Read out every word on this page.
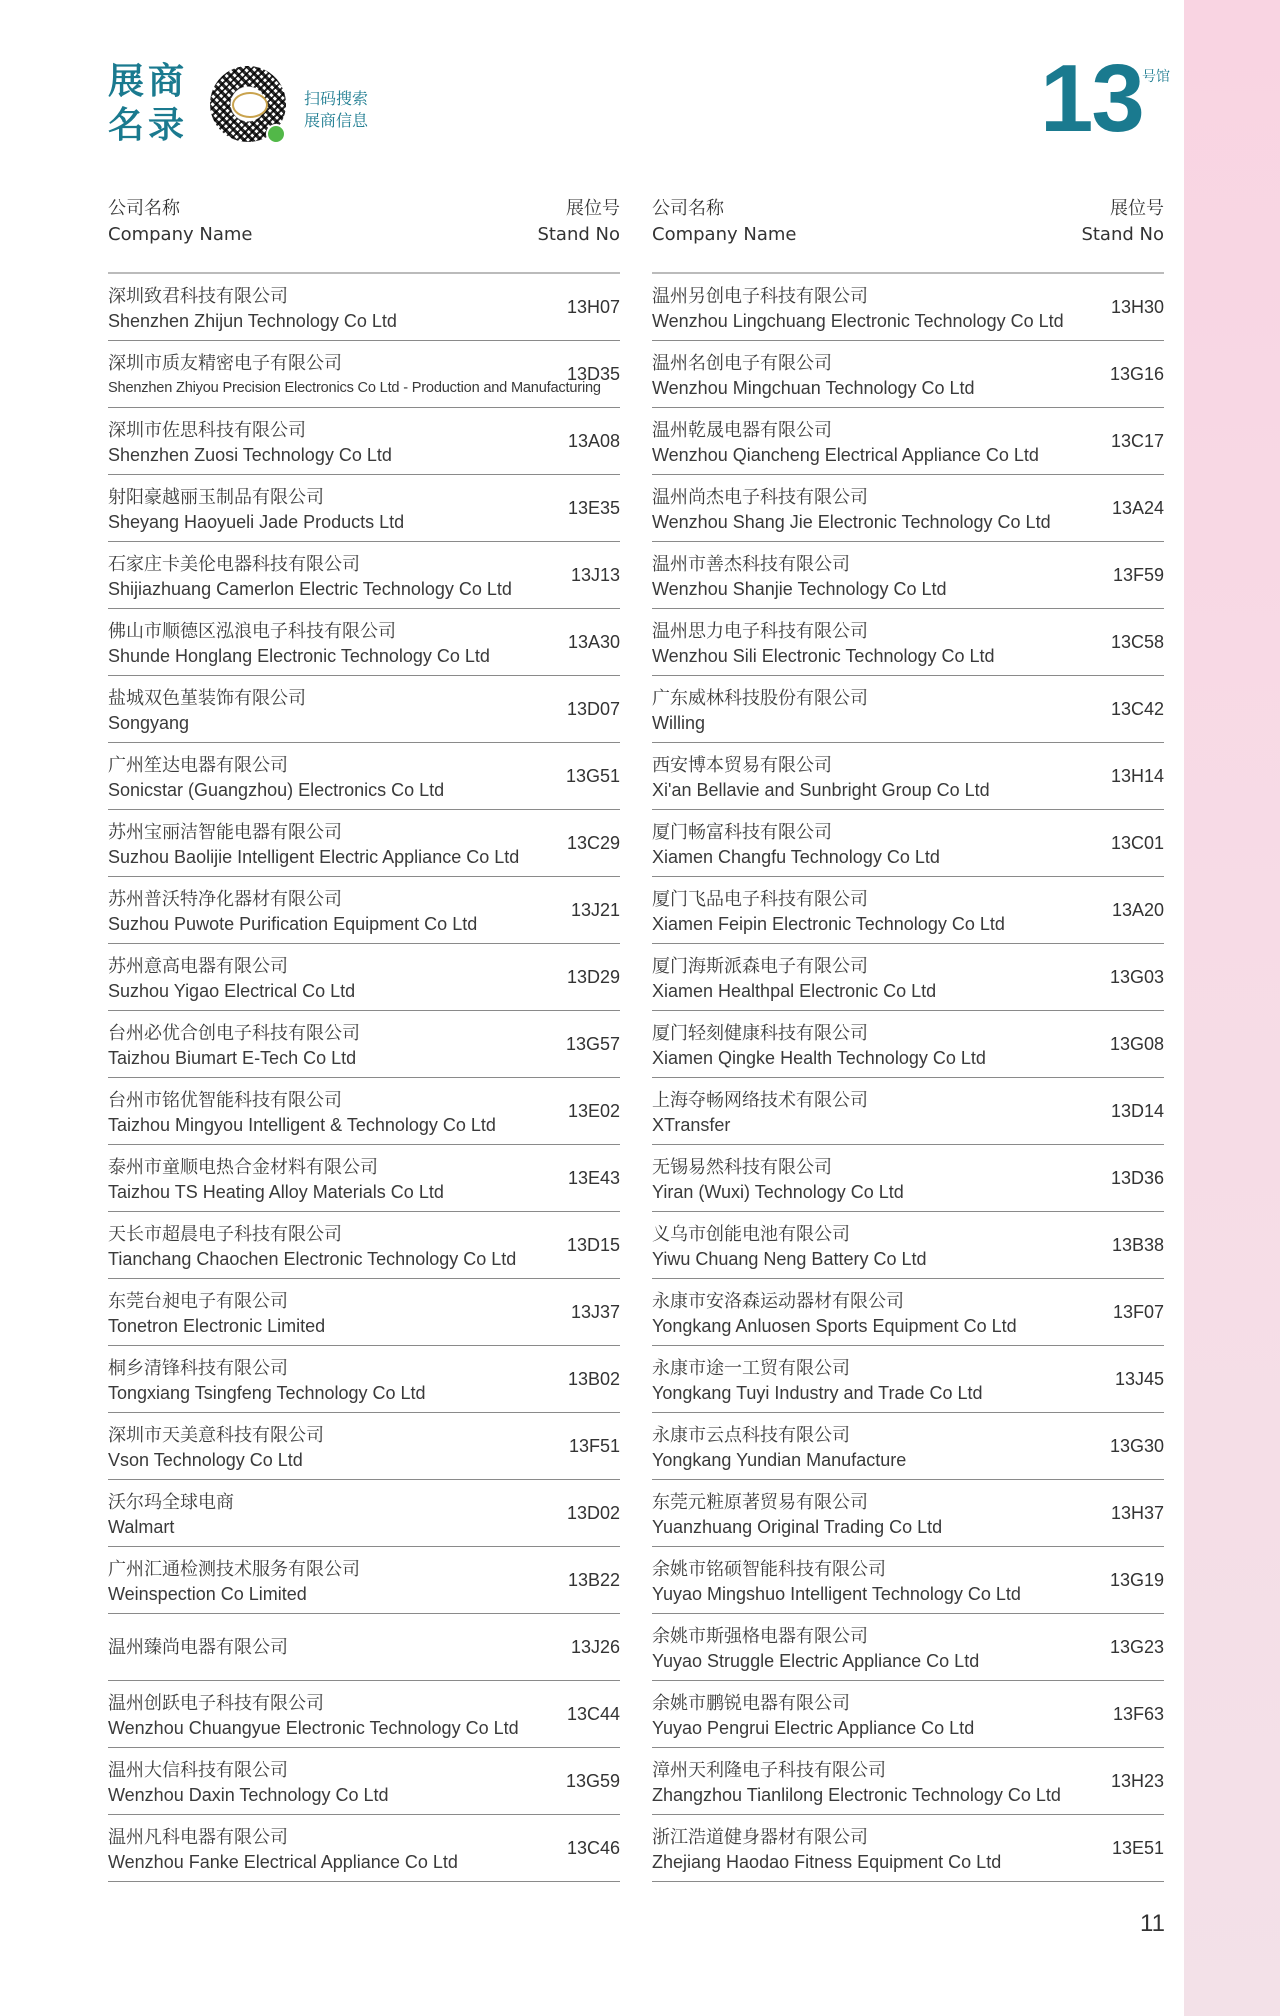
展商
名录
扫码搜索
展商信息	13 号馆
公司名称
Company Name
展位号
Stand No
深圳致君科技有限公司
Shenzhen Zhijun Technology Co Ltd
13H07
深圳市质友精密电子有限公司
Shenzhen Zhiyou Precision Electronics Co Ltd - Production and Manufacturing
13D35
深圳市佐思科技有限公司
Shenzhen Zuosi Technology Co Ltd
13A08
射阳豪越丽玉制品有限公司
Sheyang Haoyueli Jade Products Ltd
13E35
石家庄卡美伦电器科技有限公司
Shijiazhuang Camerlon Electric Technology Co Ltd
13J13
佛山市顺德区泓浪电子科技有限公司
Shunde Honglang Electronic Technology Co Ltd
13A30
盐城双色堇装饰有限公司
Songyang
13D07
广州笙达电器有限公司
Sonicstar (Guangzhou) Electronics Co Ltd
13G51
苏州宝丽洁智能电器有限公司
Suzhou Baolijie Intelligent Electric Appliance Co Ltd
13C29
苏州普沃特净化器材有限公司
Suzhou Puwote Purification Equipment Co Ltd
13J21
苏州意高电器有限公司
Suzhou Yigao Electrical Co Ltd
13D29
台州必优合创电子科技有限公司
Taizhou Biumart E-Tech Co Ltd
13G57
台州市铭优智能科技有限公司
Taizhou Mingyou Intelligent & Technology Co Ltd
13E02
泰州市童顺电热合金材料有限公司
Taizhou TS Heating Alloy Materials Co Ltd
13E43
天长市超晨电子科技有限公司
Tianchang Chaochen Electronic Technology Co Ltd
13D15
东莞台昶电子有限公司
Tonetron Electronic Limited
13J37
桐乡清锋科技有限公司
Tongxiang Tsingfeng Technology Co Ltd
13B02
深圳市天美意科技有限公司
Vson Technology Co Ltd
13F51
沃尔玛全球电商
Walmart
13D02
广州汇通检测技术服务有限公司
Weinspection Co Limited
13B22
温州臻尚电器有限公司	13J26
温州创跃电子科技有限公司
Wenzhou Chuangyue Electronic Technology Co Ltd
13C44
温州大信科技有限公司
Wenzhou Daxin Technology Co Ltd
13G59
温州凡科电器有限公司
Wenzhou Fanke Electrical Appliance Co Ltd
13C46
公司名称
Company Name
展位号
Stand No
温州另创电子科技有限公司
Wenzhou Lingchuang Electronic Technology Co Ltd
13H30
温州名创电子有限公司
Wenzhou Mingchuan Technology Co Ltd
13G16
温州乾晟电器有限公司
Wenzhou Qiancheng Electrical Appliance Co Ltd
13C17
温州尚杰电子科技有限公司
Wenzhou Shang Jie Electronic Technology Co Ltd
13A24
温州市善杰科技有限公司
Wenzhou Shanjie Technology Co Ltd
13F59
温州思力电子科技有限公司
Wenzhou Sili Electronic Technology Co Ltd
13C58
广东威林科技股份有限公司
Willing
13C42
西安博本贸易有限公司
Xi'an Bellavie and Sunbright Group Co Ltd
13H14
厦门畅富科技有限公司
Xiamen Changfu Technology Co Ltd
13C01
厦门飞品电子科技有限公司
Xiamen Feipin Electronic Technology Co Ltd
13A20
厦门海斯派森电子有限公司
Xiamen Healthpal Electronic Co Ltd
13G03
厦门轻刻健康科技有限公司
Xiamen Qingke Health Technology Co Ltd
13G08
上海夺畅网络技术有限公司
XTransfer
13D14
无锡易然科技有限公司
Yiran (Wuxi) Technology Co Ltd
13D36
义乌市创能电池有限公司
Yiwu Chuang Neng Battery Co Ltd
13B38
永康市安洛森运动器材有限公司
Yongkang Anluosen Sports Equipment Co Ltd
13F07
永康市途一工贸有限公司
Yongkang Tuyi Industry and Trade Co Ltd
13J45
永康市云点科技有限公司
Yongkang Yundian Manufacture
13G30
东莞元粧原著贸易有限公司
Yuanzhuang Original Trading Co Ltd
13H37
余姚市铭硕智能科技有限公司
Yuyao Mingshuo Intelligent Technology Co Ltd
13G19
余姚市斯强格电器有限公司
Yuyao Struggle Electric Appliance Co Ltd
13G23
余姚市鹏锐电器有限公司
Yuyao Pengrui Electric Appliance Co Ltd
13F63
漳州天利隆电子科技有限公司
Zhangzhou Tianlilong Electronic Technology Co Ltd
13H23
浙江浩道健身器材有限公司
Zhejiang Haodao Fitness Equipment Co Ltd
13E51
11
